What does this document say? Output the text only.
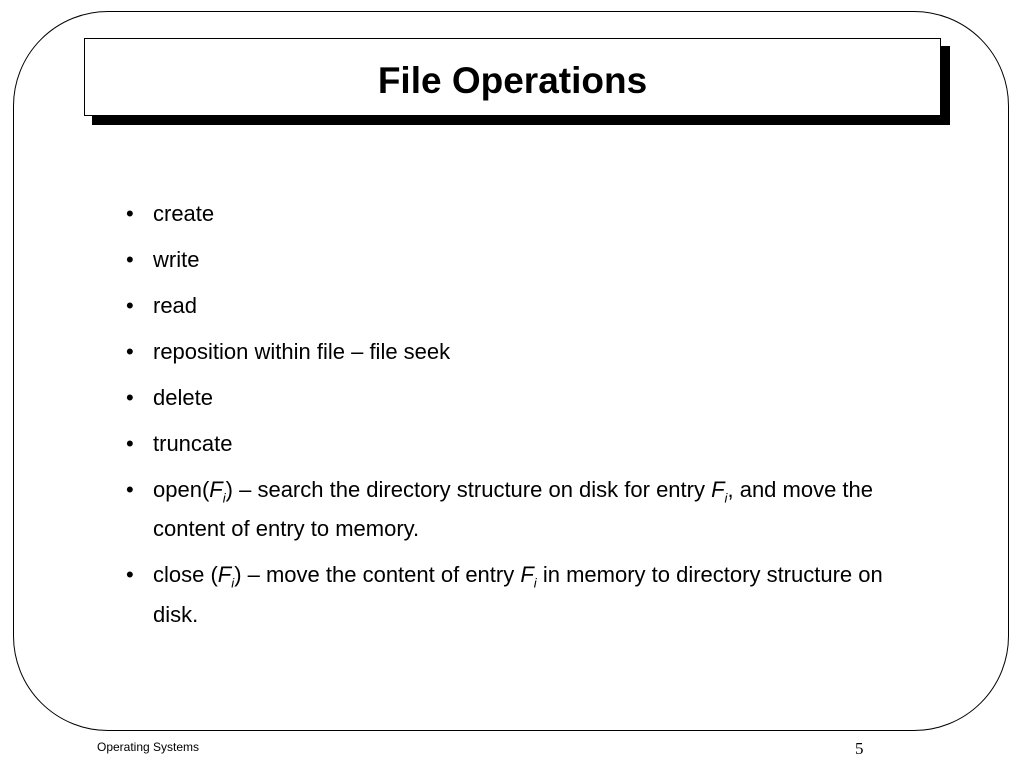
File Operations
• create
• write
• read
• reposition within file – file seek
• delete
• truncate
• $open(F_i)$ – search the directory structure on disk for entry $F_i$, and move the content of entry to memory.
• close $(F_i)$ – move the content of entry $F_i$ in memory to directory structure on disk.
Operating Systems	5
